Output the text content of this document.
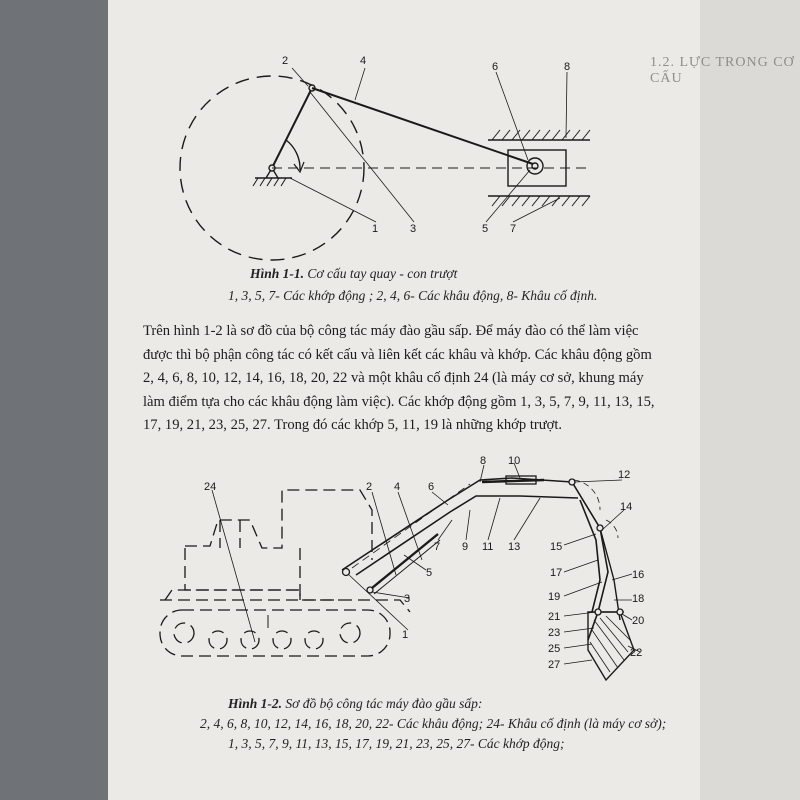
1.2. LỰC TRONG CƠ CẤU
2	4	6	8
1	3	5 7
Hình 1-1. Cơ cấu tay quay - con trượt
1, 3, 5, 7- Các khớp động ; 2, 4, 6- Các khâu động, 8- Khâu cố định.
Trên hình 1-2 là sơ đồ của bộ công tác máy đào gầu sấp. Để máy đào có thể làm việc
được thì bộ phận công tác có kết cấu và liên kết các khâu và khớp. Các khâu động gồm
2, 4, 6, 8, 10, 12, 14, 16, 18, 20, 22 và một khâu cố định 24 (là máy cơ sở, khung máy
làm điểm tựa cho các khâu động làm việc). Các khớp động gồm 1, 3, 5, 7, 9, 11, 13, 15,
17, 19, 21, 23, 25, 27. Trong đó các khớp 5, 11, 19 là những khớp trượt.
24	2 4	6
8 10
12
14
7 9 11 13	15
17	16
18
19
20
21
23
25
27
22
5
3
1
Hình 1-2. Sơ đồ bộ công tác máy đào gầu sấp:
2, 4, 6, 8, 10, 12, 14, 16, 18, 20, 22- Các khâu động; 24- Khâu cố định (là máy cơ sở);
1, 3, 5, 7, 9, 11, 13, 15, 17, 19, 21, 23, 25, 27- Các khớp động;
